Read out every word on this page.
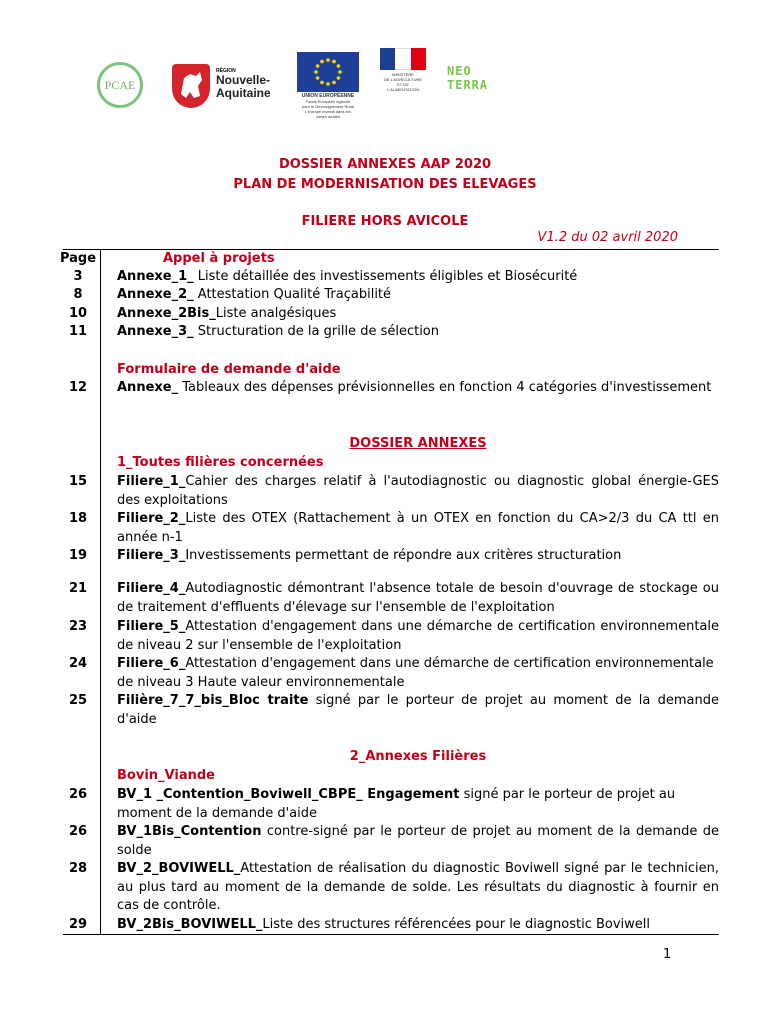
PCAE
RÉGION
Nouvelle-
Aquitaine	UNION EUROPÉENNE
Fonds Européen Agricole
pour le Développement Rural
L'Europe investit dans les
zones rurales
MINISTÈRE
DE L'AGRICULTURE
ET DE
L'ALIMENTATION
NEO
TERRA
DOSSIER ANNEXES AAP 2020
PLAN DE MODERNISATION DES ELEVAGES
FILIERE HORS AVICOLE
V1.2 du 02 avril 2020
Page	Appel à projets
3	Annexe_1_ Liste détaillée des investissements éligibles et Biosécurité
8	Annexe_2_ Attestation Qualité Traçabilité
10	Annexe_2Bis_Liste analgésiques
11	Annexe_3_ Structuration de la grille de sélection
Formulaire de demande d'aide
12	Annexe_ Tableaux des dépenses prévisionnelles en fonction 4 catégories d'investissement
DOSSIER ANNEXES
1_Toutes filières concernées
15	Filiere_1_Cahier des charges relatif à l'autodiagnostic ou diagnostic global énergie-GES des exploitations
18	Filiere_2_Liste des OTEX (Rattachement à un OTEX en fonction du CA>2/3 du CA ttl en année n-1
19	Filiere_3_Investissements permettant de répondre aux critères structuration
21	Filiere_4_Autodiagnostic démontrant l'absence totale de besoin d'ouvrage de stockage ou de traitement d'effluents d'élevage sur l'ensemble de l'exploitation
23	Filiere_5_Attestation d'engagement dans une démarche de certification environnementale de niveau 2 sur l'ensemble de l'exploitation
24	Filiere_6_Attestation d'engagement dans une démarche de certification environnementale de niveau 3 Haute valeur environnementale
25	Filière_7_7_bis_Bloc traite signé par le porteur de projet au moment de la demande d'aide
2_Annexes Filières
Bovin_Viande
26	BV_1 _Contention_Boviwell_CBPE_ Engagement signé par le porteur de projet au moment de la demande d'aide
26	BV_1Bis_Contention contre-signé par le porteur de projet au moment de la demande de solde
28	BV_2_BOVIWELL_Attestation de réalisation du diagnostic Boviwell signé par le technicien, au plus tard au moment de la demande de solde. Les résultats du diagnostic à fournir en cas de contrôle.
29	BV_2Bis_BOVIWELL_Liste des structures référencées pour le diagnostic Boviwell
1
